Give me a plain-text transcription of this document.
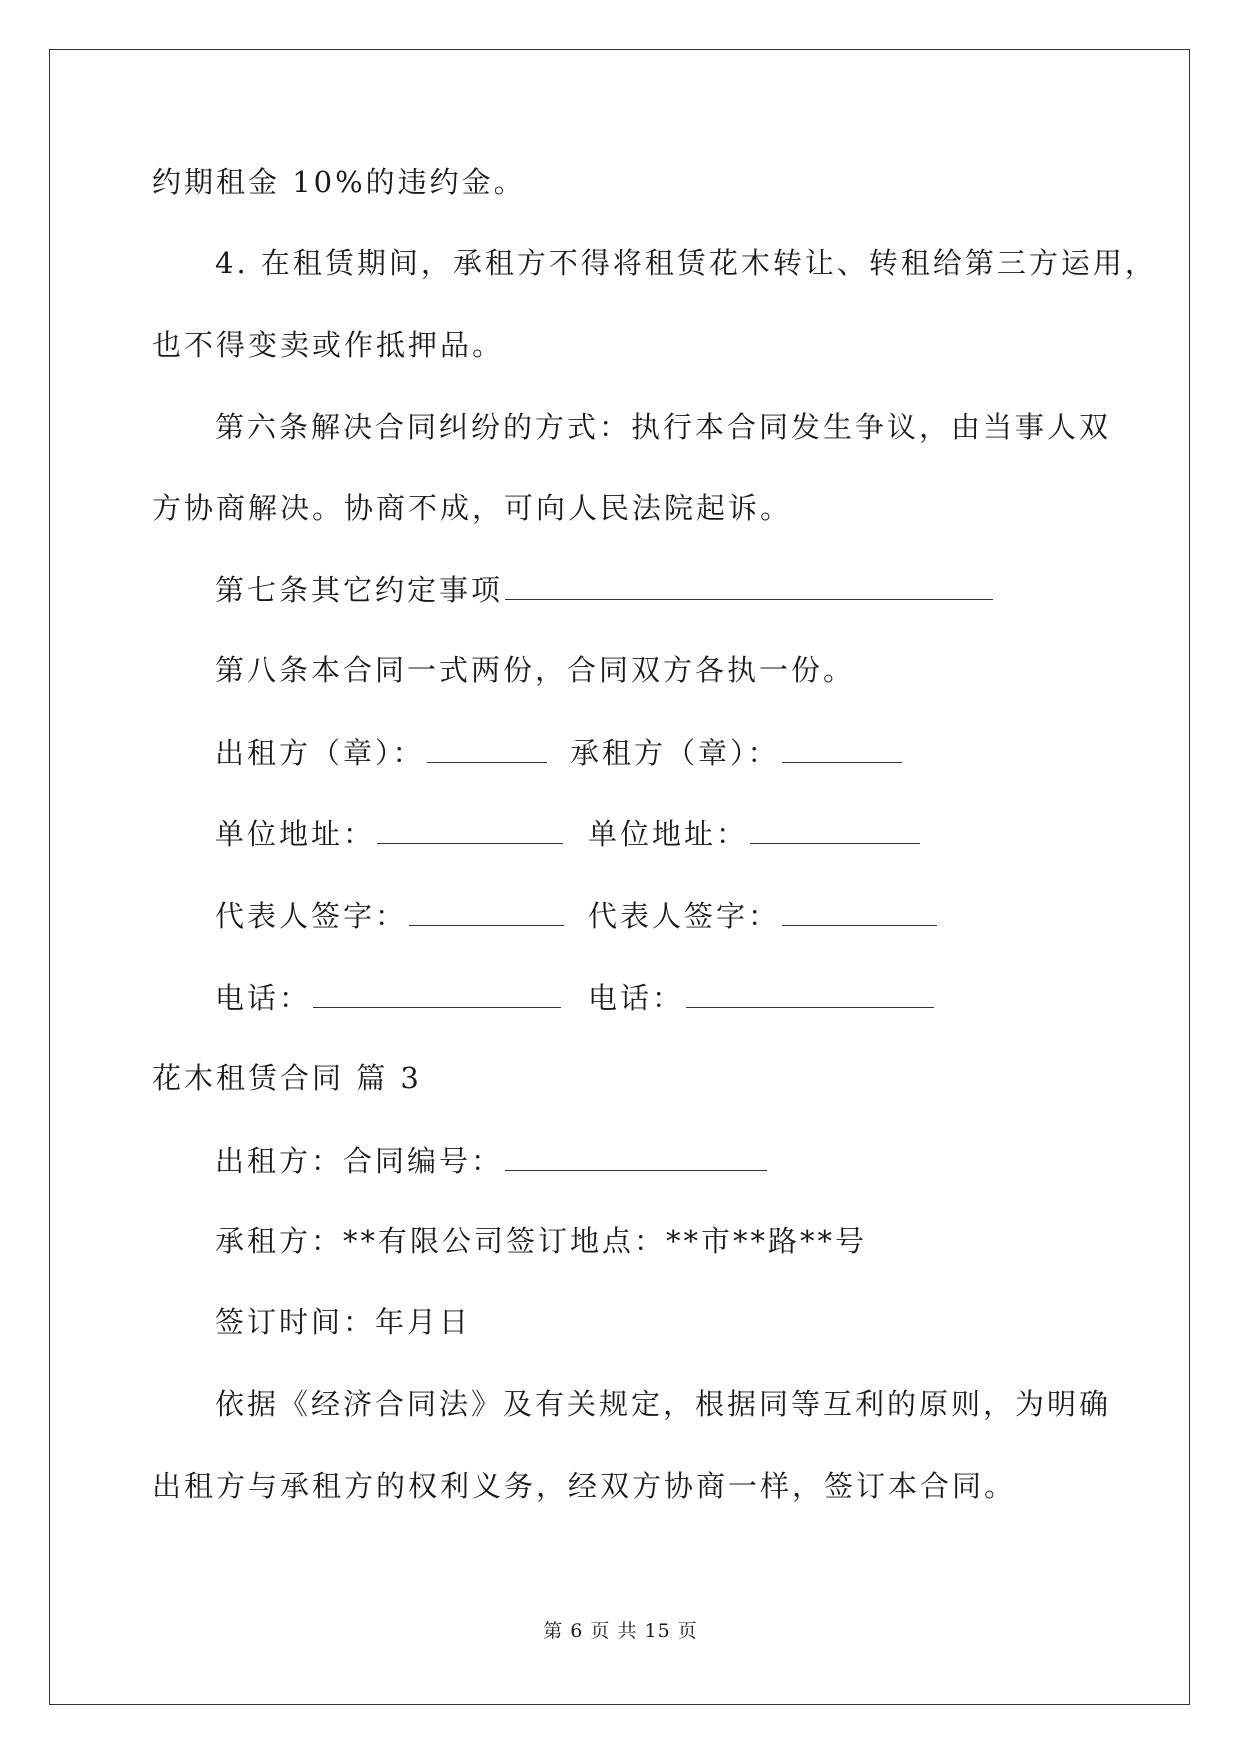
约期租金 10%的违约金。
4. 在租赁期间，承租方不得将租赁花木转让、转租给第三方运用，
也不得变卖或作抵押品。
第六条解决合同纠纷的方式：执行本合同发生争议，由当事人双
方协商解决。协商不成，可向人民法院起诉。
第七条其它约定事项
第八条本合同一式两份，合同双方各执一份。
出租方（章）：	承租方（章）：
单位地址：	单位地址：
代表人签字：	代表人签字：
电话：	电话：
花木租赁合同 篇 3
出租方：合同编号：
承租方：**有限公司签订地点：**市**路**号
签订时间：年月日
依据《经济合同法》及有关规定，根据同等互利的原则，为明确
出租方与承租方的权利义务，经双方协商一样，签订本合同。
第 6 页 共 15 页
